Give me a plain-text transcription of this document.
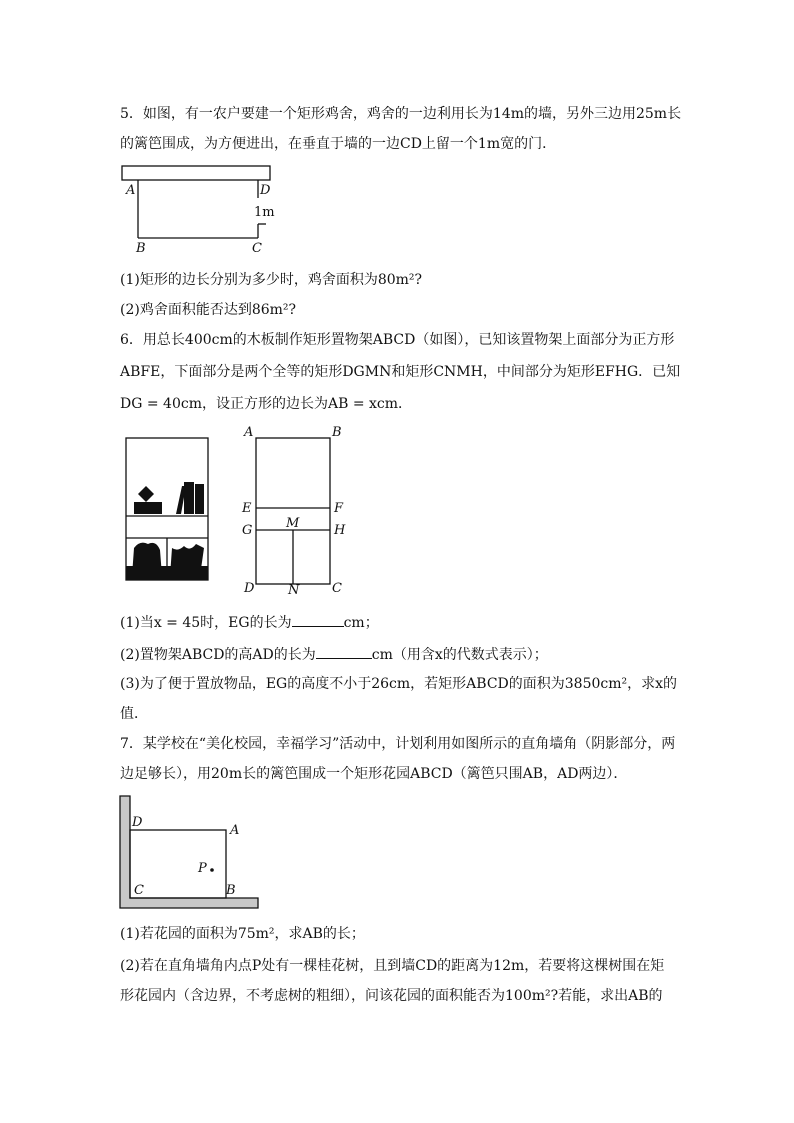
5．如图，有一农户要建一个矩形鸡舍，鸡舍的一边利用长为14m的墙，另外三边用25m长
的篱笆围成，为方便进出，在垂直于墙的一边CD上留一个1m宽的门．
A	D
1m
B	C
(1)矩形的边长分别为多少时，鸡舍面积为80m²?
(2)鸡舍面积能否达到86m²?
6．用总长400cm的木板制作矩形置物架ABCD（如图），已知该置物架上面部分为正方形
ABFE，下面部分是两个全等的矩形DGMN和矩形CNMH，中间部分为矩形EFHG．已知
DG = 40cm，设正方形的边长为AB = xcm．
A	B
E	F
M
G	H
D	N	C
(1)当x = 45时，EG的长为	cm；
(2)置物架ABCD的高AD的长为	cm（用含x的代数式表示）；
(3)为了便于置放物品，EG的高度不小于26cm，若矩形ABCD的面积为3850cm²，求x的
值．
7．某学校在“美化校园，幸福学习”活动中，计划利用如图所示的直角墙角（阴影部分，两
边足够长），用20m长的篱笆围成一个矩形花园ABCD（篱笆只围AB，AD两边）．
D
A
P
C	B
(1)若花园的面积为75m²，求AB的长；
(2)若在直角墙角内点P处有一棵桂花树，且到墙CD的距离为12m，若要将这棵树围在矩
形花园内（含边界，不考虑树的粗细），问该花园的面积能否为100m²?若能，求出AB的
